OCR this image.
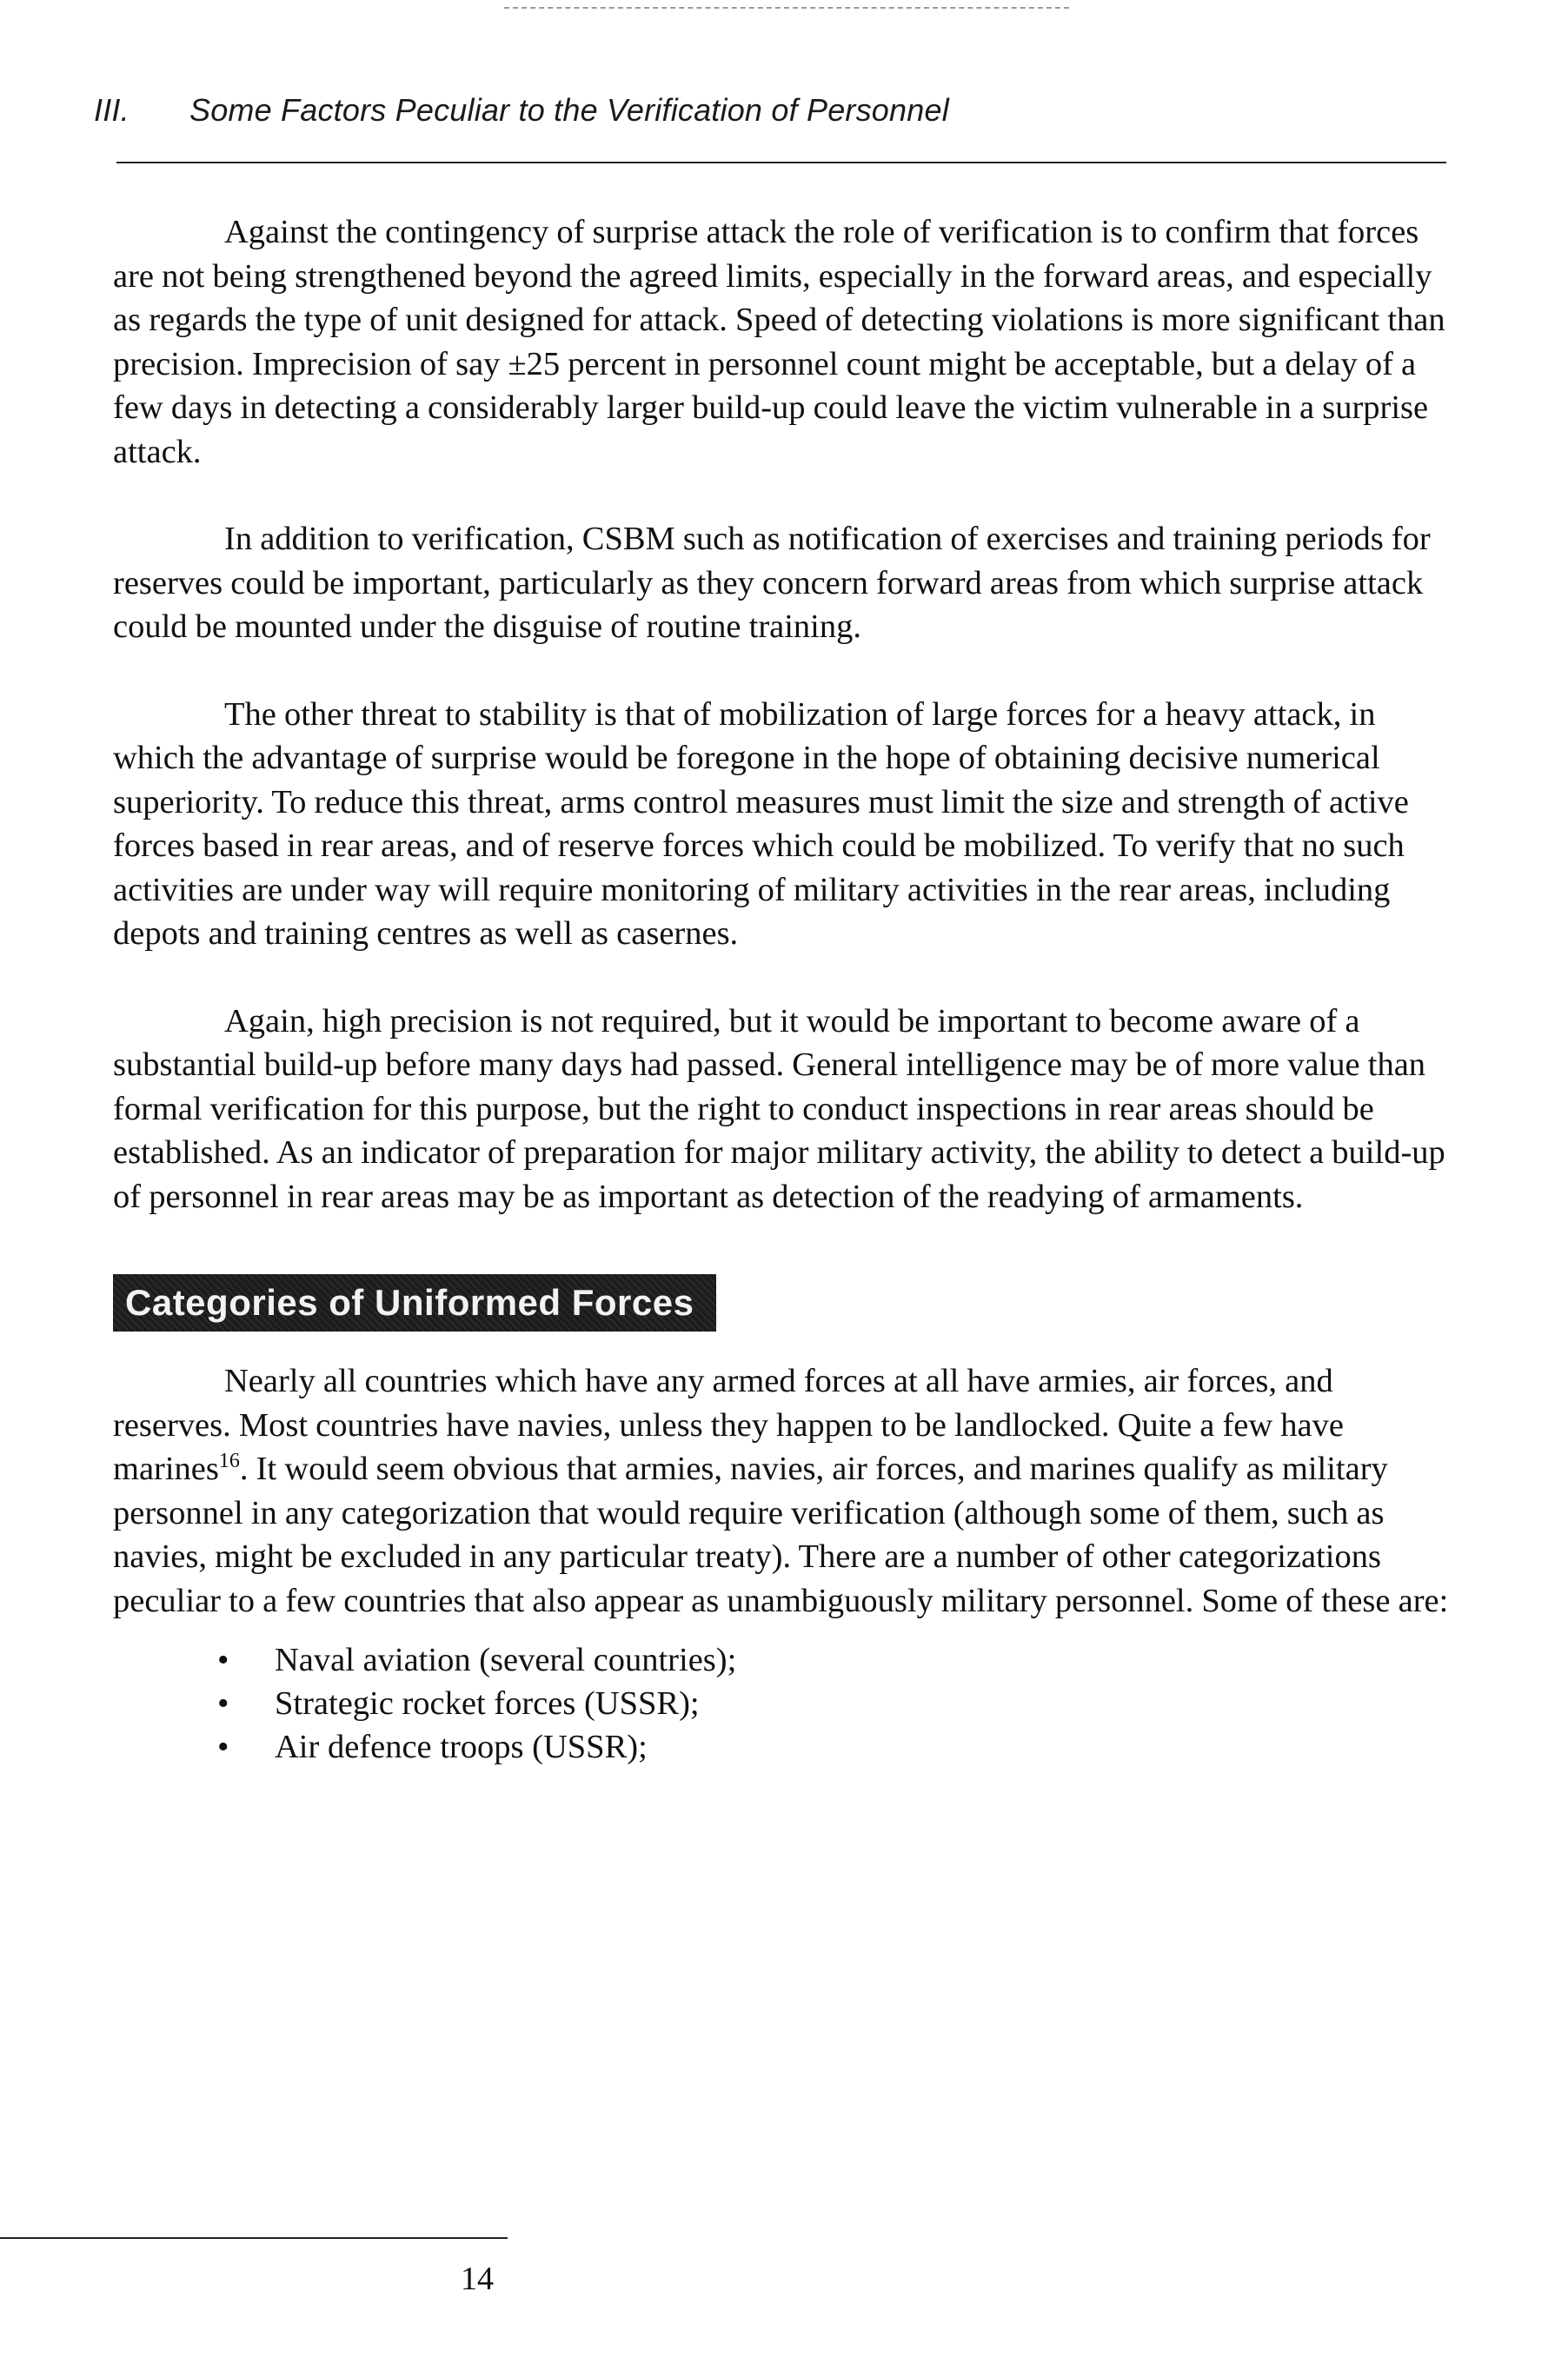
III. Some Factors Peculiar to the Verification of Personnel

Against the contingency of surprise attack the role of verification is to confirm that forces are not being strengthened beyond the agreed limits, especially in the forward areas, and especially as regards the type of unit designed for attack. Speed of detecting violations is more significant than precision. Imprecision of say ±25 percent in personnel count might be acceptable, but a delay of a few days in detecting a considerably larger build-up could leave the victim vulnerable in a surprise attack.

In addition to verification, CSBM such as notification of exercises and training periods for reserves could be important, particularly as they concern forward areas from which surprise attack could be mounted under the disguise of routine training.

The other threat to stability is that of mobilization of large forces for a heavy attack, in which the advantage of surprise would be foregone in the hope of obtaining decisive numerical superiority. To reduce this threat, arms control measures must limit the size and strength of active forces based in rear areas, and of reserve forces which could be mobilized. To verify that no such activities are under way will require monitoring of military activities in the rear areas, including depots and training centres as well as casernes.

Again, high precision is not required, but it would be important to become aware of a substantial build-up before many days had passed. General intelligence may be of more value than formal verification for this purpose, but the right to conduct inspections in rear areas should be established. As an indicator of preparation for major military activity, the ability to detect a build-up of personnel in rear areas may be as important as detection of the readying of armaments.

Categories of Uniformed Forces

Nearly all countries which have any armed forces at all have armies, air forces, and reserves. Most countries have navies, unless they happen to be landlocked. Quite a few have marines$^{16}$. It would seem obvious that armies, navies, air forces, and marines qualify as military personnel in any categorization that would require verification (although some of them, such as navies, might be excluded in any particular treaty). There are a number of other categorizations peculiar to a few countries that also appear as unambiguously military personnel. Some of these are:

• Naval aviation (several countries);
• Strategic rocket forces (USSR);
• Air defence troops (USSR);
14
